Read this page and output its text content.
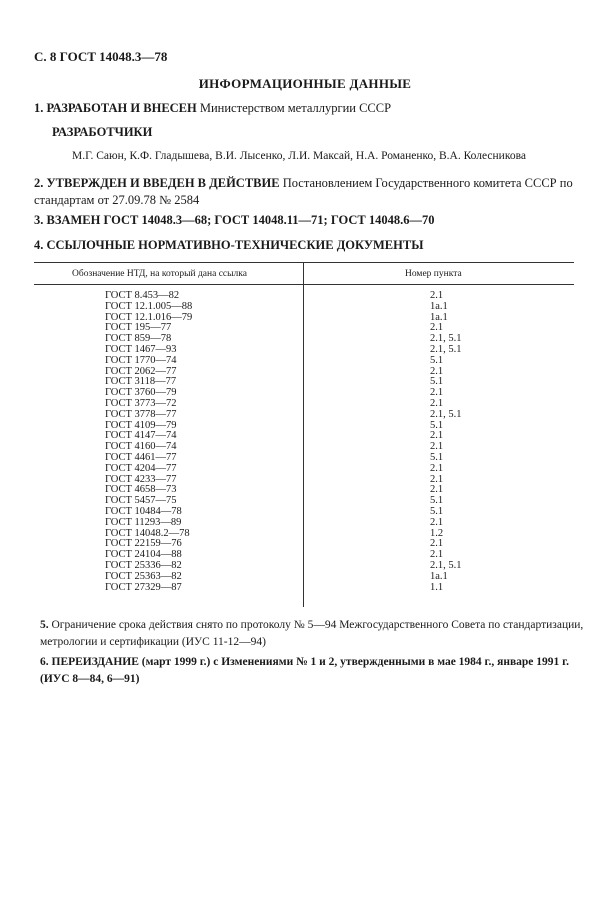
С. 8 ГОСТ 14048.3—78
ИНФОРМАЦИОННЫЕ ДАННЫЕ
1. РАЗРАБОТАН И ВНЕСЕН Министерством металлургии СССР
РАЗРАБОТЧИКИ
М.Г. Саюн, К.Ф. Гладышева, В.И. Лысенко, Л.И. Максай, Н.А. Романенко, В.А. Колесникова
2. УТВЕРЖДЕН И ВВЕДЕН В ДЕЙСТВИЕ Постановлением Государственного комитета СССР по стандартам от 27.09.78 № 2584
3. ВЗАМЕН ГОСТ 14048.3—68; ГОСТ 14048.11—71; ГОСТ 14048.6—70
4. ССЫЛОЧНЫЕ НОРМАТИВНО-ТЕХНИЧЕСКИЕ ДОКУМЕНТЫ
Обозначение НТД, на который дана ссылка	Номер пункта
ГОСТ 8.453—82	2.1
ГОСТ 12.1.005—88	1а.1
ГОСТ 12.1.016—79	1а.1
ГОСТ 195—77	2.1
ГОСТ 859—78	2.1, 5.1
ГОСТ 1467—93	2.1, 5.1
ГОСТ 1770—74	5.1
ГОСТ 2062—77	2.1
ГОСТ 3118—77	5.1
ГОСТ 3760—79	2.1
ГОСТ 3773—72	2.1
ГОСТ 3778—77	2.1, 5.1
ГОСТ 4109—79	5.1
ГОСТ 4147—74	2.1
ГОСТ 4160—74	2.1
ГОСТ 4461—77	5.1
ГОСТ 4204—77	2.1
ГОСТ 4233—77	2.1
ГОСТ 4658—73	2.1
ГОСТ 5457—75	5.1
ГОСТ 10484—78	5.1
ГОСТ 11293—89	2.1
ГОСТ 14048.2—78	1.2
ГОСТ 22159—76	2.1
ГОСТ 24104—88	2.1
ГОСТ 25336—82	2.1, 5.1
ГОСТ 25363—82	1а.1
ГОСТ 27329—87	1.1
5. Ограничение срока действия снято по протоколу № 5—94 Межгосударственного Совета по стандартизации, метрологии и сертификации (ИУС 11-12—94)
6. ПЕРЕИЗДАНИЕ (март 1999 г.) с Изменениями № 1 и 2, утвержденными в мае 1984 г., январе 1991 г. (ИУС 8—84, 6—91)
